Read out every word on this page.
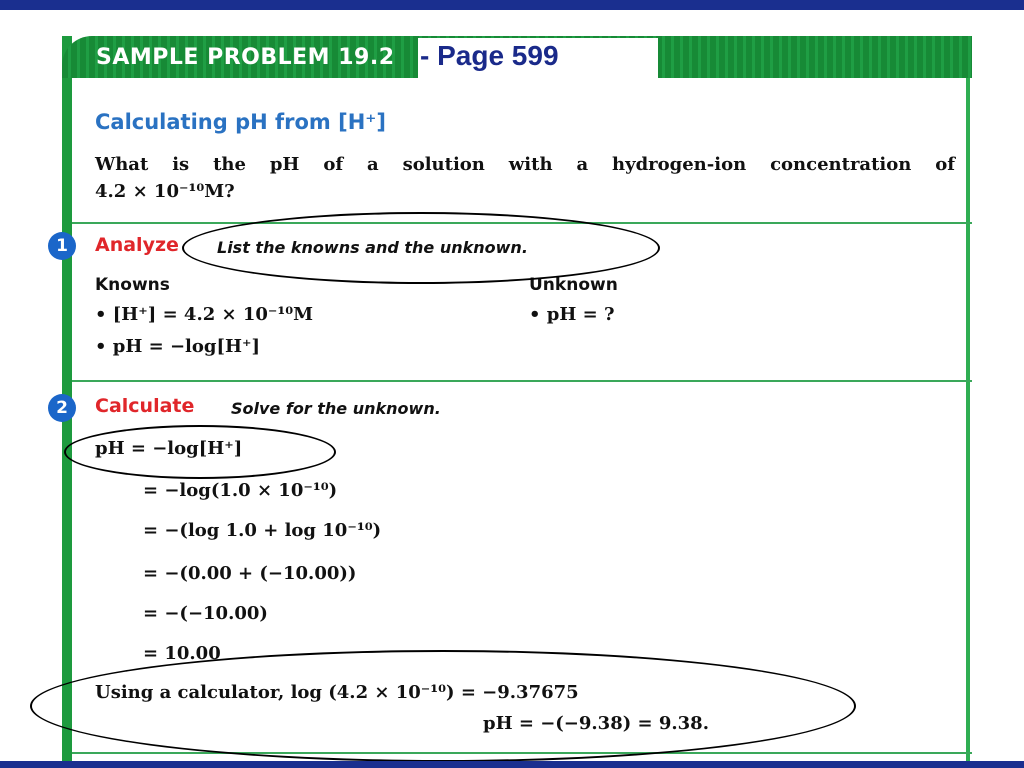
SAMPLE PROBLEM 19.2 - Page 599
Calculating pH from [H⁺]
What is the pH of a solution with a hydrogen-ion concentration of
4.2 × 10⁻¹⁰M?
1	Analyze List the knowns and the unknown.
Knowns
• [H⁺] = 4.2 × 10⁻¹⁰M
• pH = −log[H⁺]
Unknown
• pH = ?
2	Calculate Solve for the unknown.
pH = −log[H⁺]
= −log(1.0 × 10⁻¹⁰)
= −(log 1.0 + log 10⁻¹⁰)
= −(0.00 + (−10.00))
= −(−10.00)
= 10.00
Using a calculator, log (4.2 × 10⁻¹⁰) = −9.37675
pH = −(−9.38) = 9.38.
